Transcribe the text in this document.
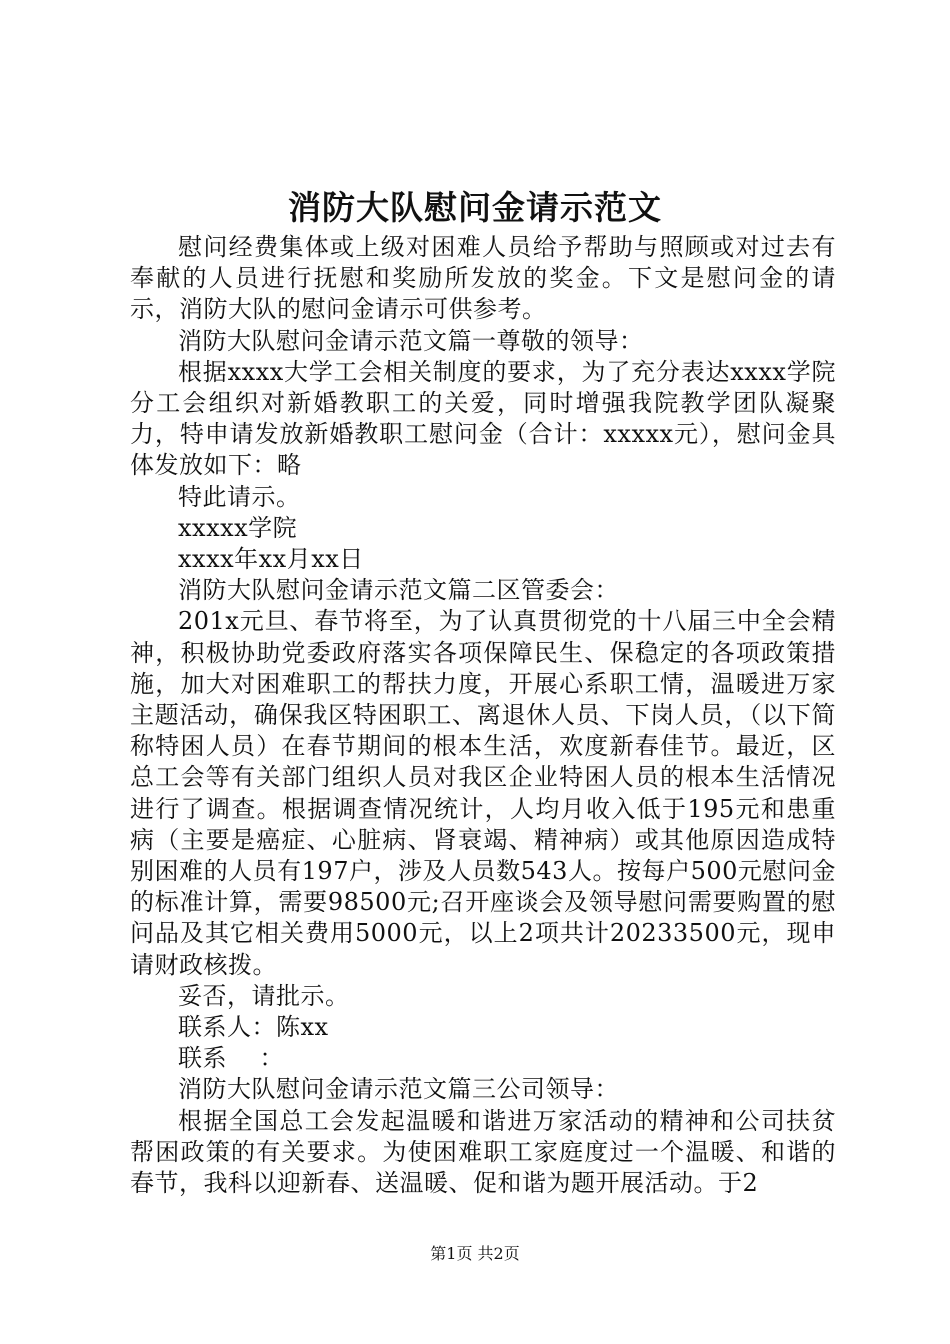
消防大队慰问金请示范文

慰问经费集体或上级对困难人员给予帮助与照顾或对过去有奉献的人员进行抚慰和奖励所发放的奖金。下文是慰问金的请示，消防大队的慰问金请示可供参考。

消防大队慰问金请示范文篇一尊敬的领导：

根据xxxx大学工会相关制度的要求，为了充分表达xxxx学院分工会组织对新婚教职工的关爱，同时增强我院教学团队凝聚力，特申请发放新婚教职工慰问金（合计：xxxxx元），慰问金具体发放如下：略

特此请示。

xxxxx学院

xxxx年xx月xx日

消防大队慰问金请示范文篇二区管委会：

201x元旦、春节将至，为了认真贯彻党的十八届三中全会精神，积极协助党委政府落实各项保障民生、保稳定的各项政策措施，加大对困难职工的帮扶力度，开展心系职工情，温暖进万家主题活动，确保我区特困职工、离退休人员、下岗人员，（以下简称特困人员）在春节期间的根本生活，欢度新春佳节。最近，区总工会等有关部门组织人员对我区企业特困人员的根本生活情况进行了调查。根据调查情况统计，人均月收入低于195元和患重病（主要是癌症、心脏病、肾衰竭、精神病）或其他原因造成特别困难的人员有197户，涉及人员数543人。按每户500元慰问金的标准计算，需要98500元;召开座谈会及领导慰问需要购置的慰问品及其它相关费用5000元，以上2项共计20233500元，现申请财政核拨。

妥否，请批示。

联系人：陈xx

联系    ：

消防大队慰问金请示范文篇三公司领导：

根据全国总工会发起温暖和谐进万家活动的精神和公司扶贫帮困政策的有关要求。为使困难职工家庭度过一个温暖、和谐的春节，我科以迎新春、送温暖、促和谐为题开展活动。于2

第1页 共2页
